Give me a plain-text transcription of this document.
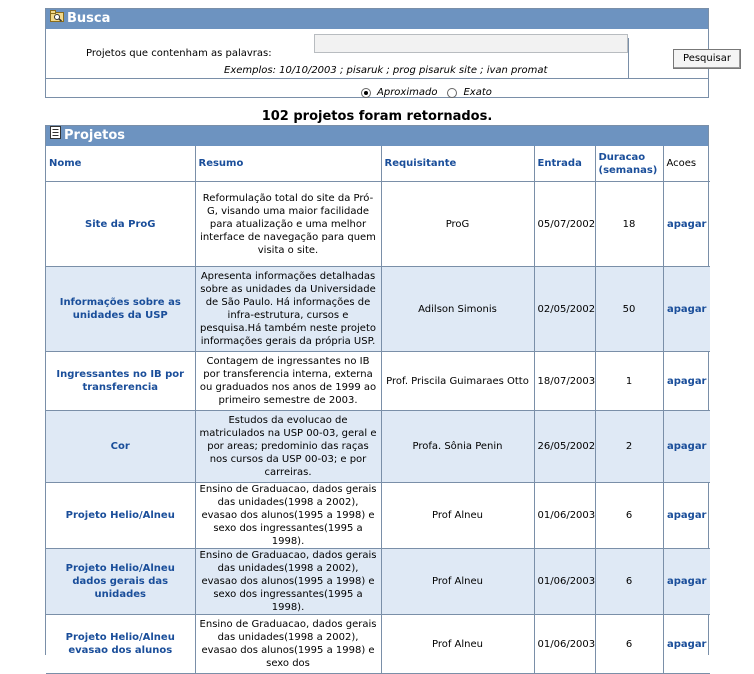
Busca
Projetos que contenham as palavras:
Exemplos: 10/10/2003 ; pisaruk ; prog pisaruk site ; ivan promat
Pesquisar
Aproximado	Exato
102 projetos foram retornados.
Projetos
Nome	Resumo	Requisitante	Entrada	Duracao (semanas)	Acoes
Site da ProG	Reformulação total do site da Pró-G, visando uma maior facilidade para atualização e uma melhor interface de navegação para quem visita o site.	ProG	05/07/2002	18	apagar
Informações sobre as unidades da USP	Apresenta informações detalhadas sobre as unidades da Universidade de São Paulo. Há informações de infra-estrutura, cursos e pesquisa.Há também neste projeto informações gerais da própria USP.	Adilson Simonis	02/05/2002	50	apagar
Ingressantes no IB por transferencia	Contagem de ingressantes no IB por transferencia interna, externa ou graduados nos anos de 1999 ao primeiro semestre de 2003.	Prof. Priscila Guimaraes Otto	18/07/2003	1	apagar
Cor	Estudos da evolucao de matriculados na USP 00-03, geral e por areas; predominio das raças nos cursos da USP 00-03; e por carreiras.	Profa. Sônia Penin	26/05/2002	2	apagar
Projeto Helio/Alneu	Ensino de Graduacao, dados gerais das unidades(1998 a 2002), evasao dos alunos(1995 a 1998) e sexo dos ingressantes(1995 a 1998).	Prof Alneu	01/06/2003	6	apagar
Projeto Helio/Alneu dados gerais das unidades	Ensino de Graduacao, dados gerais das unidades(1998 a 2002), evasao dos alunos(1995 a 1998) e sexo dos ingressantes(1995 a 1998).	Prof Alneu	01/06/2003	6	apagar
Projeto Helio/Alneu evasao dos alunos	Ensino de Graduacao, dados gerais das unidades(1998 a 2002), evasao dos alunos(1995 a 1998) e sexo dos	Prof Alneu	01/06/2003	6	apagar
